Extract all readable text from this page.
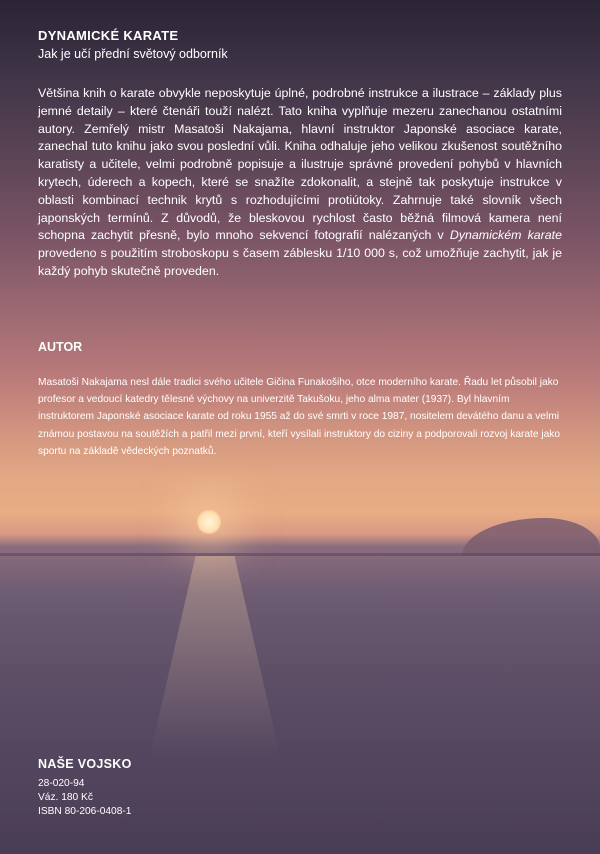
DYNAMICKÉ KARATE
Jak je učí přední světový odborník

Většina knih o karate obvykle neposkytuje úplné, podrobné instrukce a ilustrace – základy plus jemné detaily – které čtenáři touží nalézt. Tato kniha vyplňuje mezeru zanechanou ostatními autory. Zemřelý mistr Masatoši Nakajama, hlavní instruktor Japonské asociace karate, zanechal tuto knihu jako svou poslední vůli. Kniha odhaluje jeho velikou zkušenost soutěžního karatisty a učitele, velmi podrobně popisuje a ilustruje správné provedení pohybů v hlavních krytech, úderech a kopech, které se snažíte zdokonalit, a stejně tak poskytuje instrukce v oblasti kombinací technik krytů s rozhodujícími protiútoky. Zahrnuje také slovník všech japonských termínů. Z důvodů, že bleskovou rychlost často běžná filmová kamera není schopna zachytit přesně, bylo mnoho sekvencí fotografií nalézaných v Dynamickém karate provedeno s použitím stroboskopu s časem záblesku 1/10 000 s, což umožňuje zachytit, jak je každý pohyb skutečně proveden.

AUTOR

Masatoši Nakajama nesl dále tradici svého učitele Gičina Funakošiho, otce moderního karate. Řadu let působil jako profesor a vedoucí katedry tělesné výchovy na univerzitě Takušoku, jeho alma mater (1937). Byl hlavním instruktorem Japonské asociace karate od roku 1955 až do své smrti v roce 1987, nositelem devátého danu a velmi známou postavou na soutěžích a patřil mezi první, kteří vysílali instruktory do ciziny a podporovali rozvoj karate jako sportu na základě vědeckých poznatků.

NAŠE VOJSKO
28-020-94
Váz. 180 Kč
ISBN 80-206-0408-1
